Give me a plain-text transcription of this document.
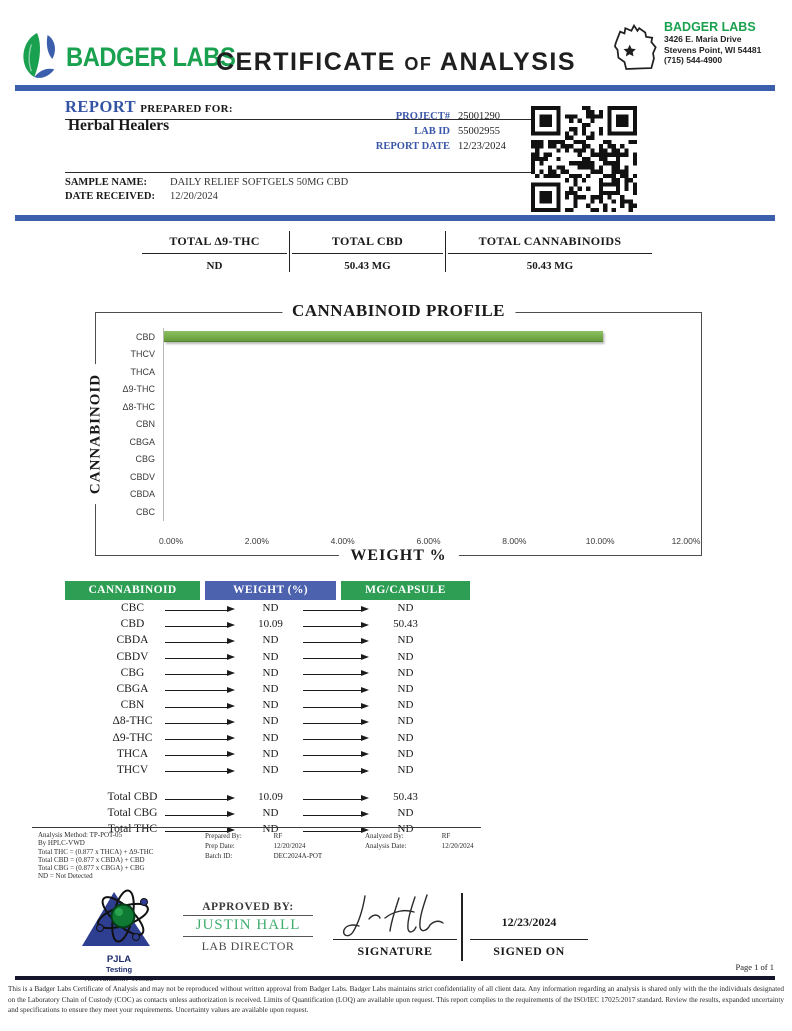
BADGER LABS
CERTIFICATE OF ANALYSIS
BADGER LABS
3426 E. Maria Drive
Stevens Point, WI 54481
(715) 544-4900
REPORT PREPARED FOR:
Herbal Healers
PROJECT# 25001290
LAB ID 55002955
REPORT DATE 12/23/2024
SAMPLE NAME:	DAILY RELIEF SOFTGELS 50MG CBD
DATE RECEIVED:	12/20/2024
TOTAL Δ9-THC
ND
TOTAL CBD
50.43 MG
TOTAL CANNABINOIDS
50.43 MG
CANNABINOID PROFILE
CANNABINOID
WEIGHT %
CBD
THCV
THCA
Δ9-THC
Δ8-THC
CBN
CBGA
CBG
CBDV
CBDA
CBC
0.00%	2.00%	4.00%	6.00%	8.00%	10.00%	12.00%
CANNABINOID	WEIGHT (%)	MG/CAPSULE
CBC	ND	ND
CBD	10.09	50.43
CBDA	ND	ND
CBDV	ND	ND
CBG	ND	ND
CBGA	ND	ND
CBN	ND	ND
Δ8-THC	ND	ND
Δ9-THC	ND	ND
THCA	ND	ND
THCV	ND	ND
Total CBD	10.09	50.43
Total CBG	ND	ND
Total THC	ND	ND
Analysis Method: TP-POT-05
By HPLC-VWD
Total THC = (0.877 x THCA) + Δ9-THC
Total CBD = (0.877 x CBDA) + CBD
Total CBG = (0.877 x CBGA) + CBG
ND = Not Detected
Prepared By:	RF
Prep Date:	12/20/2024
Batch ID:	DEC2024A-POT
Analyzed By:	RF
Analysis Date:	12/20/2024
PJLA
Testing
APPROVED BY:
JUSTIN HALL
LAB DIRECTOR	SIGNATURE
12/23/2024
SIGNED ON
Page 1 of 1
This is a Badger Labs Certificate of Analysis and may not be reproduced without written approval from Badger Labs. Badger Labs maintains strict confidentiality of all client data. Any information regarding an analysis is shared only with the the individuals designated on the Laboratory Chain of Custody (COC) as contacts unless authorization is received. Limits of Quantification (LOQ) are available upon request. This report complies to the requirements of the ISO/IEC 17025:2017 standard. Review the results, expanded uncertainty and specifications to ensure they meet your requirements. Uncertainty values are available upon request.
